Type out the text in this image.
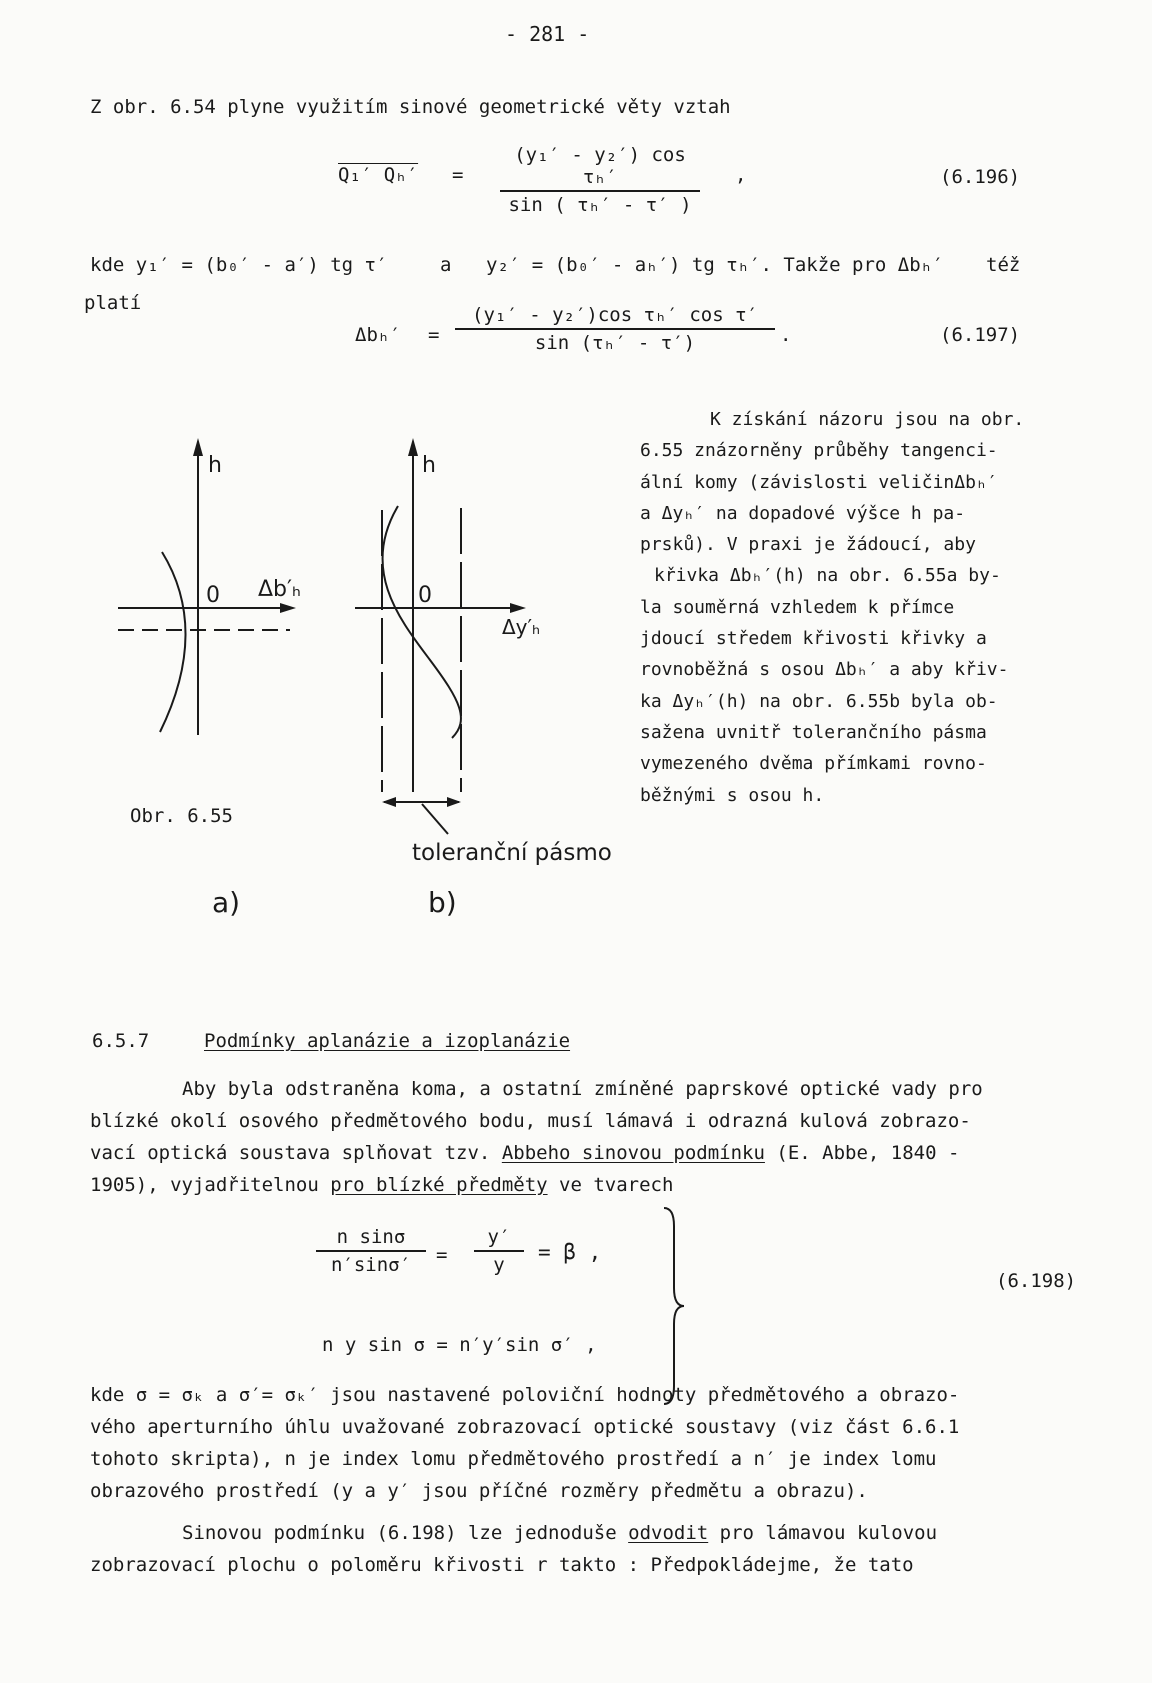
- 281 -
Z obr. 6.54 plyne využitím sinové geometrické věty vztah
Q₁′ $Q_h' = \frac{\text{(y₁′ - y₂′) cos τₕ′}}{\text{sin ( τₕ′ - τ′ )}}$ ,	(6.196)
kde y₁′ = (b₀′ - a′) tg τ′	a y₂′ = (b₀′ - aₕ′) tg τₕ′. Takže pro Δbₕ′ též
platí
$\Delta b_h' = \frac{\text{(y₁′ - y₂′)cos τₕ′ cos τ′}}{\text{sin (τₕ′ - τ′)}}$ .	(6.197)
h
0 Δb′ₕ
h
0
Δy′ₕ
Obr. 6.55
toleranční pásmo
a)	b)
K získání názoru jsou na obr.
6.55 znázorněny průběhy tangenci-
ální komy (závislosti veličinΔbₕ′
a Δyₕ′ na dopadové výšce h pa-
prsků). V praxi je žádoucí, aby
křivka Δbₕ′(h) na obr. 6.55a by-
la souměrná vzhledem k přímce
jdoucí středem křivosti křivky a
rovnoběžná s osou Δbₕ′ a aby křiv-
ka Δyₕ′(h) na obr. 6.55b byla ob-
sažena uvnitř tolerančního pásma
vymezeného dvěma přímkami rovno-
běžnými s osou h.
6.5.7	Podmínky aplanázie a izoplanázie
Aby byla odstraněna koma, a ostatní zmíněné paprskové optické vady pro
blízké okolí osového předmětového bodu, musí lámavá i odrazná kulová zobrazo-
vací optická soustava splňovat tzv. Abbeho sinovou podmínku (E. Abbe, 1840 -
1905), vyjadřitelnou pro blízké předměty ve tvarech
$\frac{\text{n sinσ}}{n'\sin\sigma'} = \frac{y'}{y} = \beta$ ,
n y sin σ = n′y′sin σ′ ,
(6.198)
kde σ = σₖ a σ′= σₖ′ jsou nastavené poloviční hodnoty předmětového a obrazo-
vého aperturního úhlu uvažované zobrazovací optické soustavy (viz část 6.6.1
tohoto skripta), n je index lomu předmětového prostředí a n′ je index lomu
obrazového prostředí (y a y′ jsou příčné rozměry předmětu a obrazu).
Sinovou podmínku (6.198) lze jednoduše odvodit pro lámavou kulovou
zobrazovací plochu o poloměru křivosti r takto : Předpokládejme, že tato
